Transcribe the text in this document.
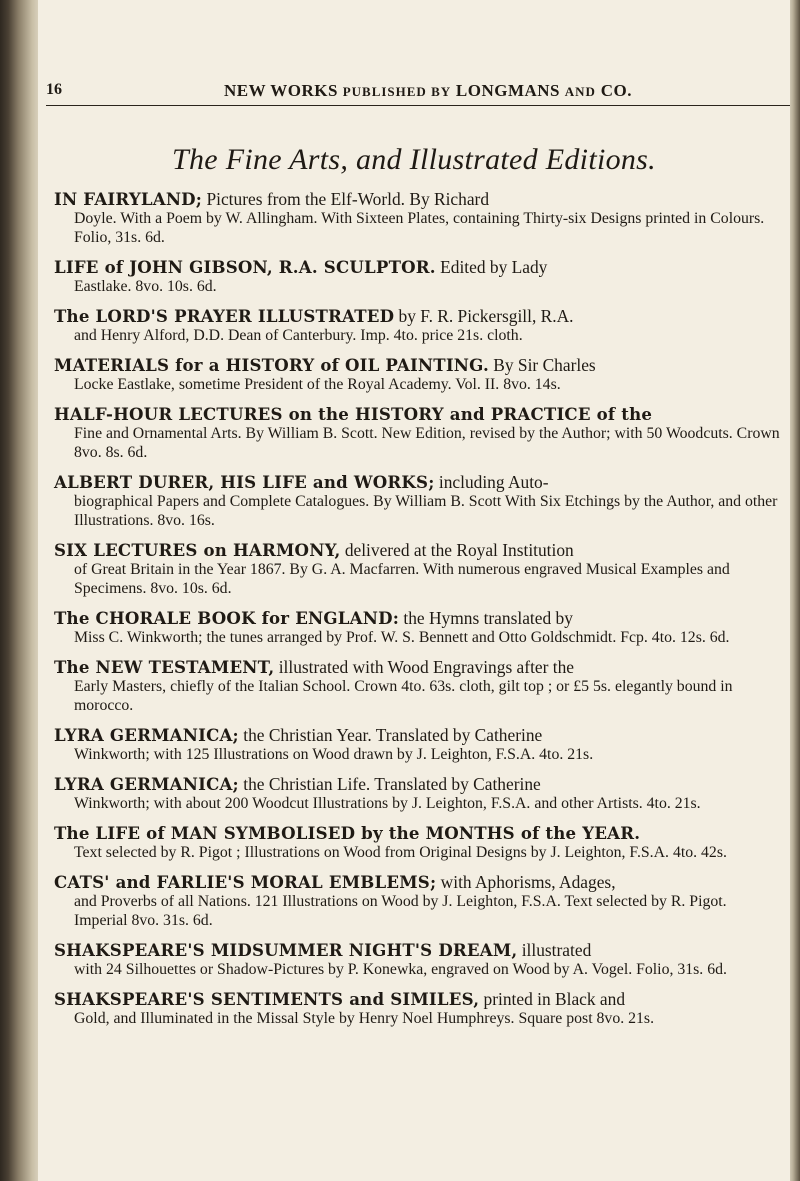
16	NEW WORKS PUBLISHED BY LONGMANS AND CO.
The Fine Arts, and Illustrated Editions.
IN FAIRYLAND; Pictures from the Elf-World. By Richard
Doyle. With a Poem by W. Allingham. With Sixteen Plates, containing Thirty-six Designs printed in Colours. Folio, 31s. 6d.
LIFE of JOHN GIBSON, R.A. SCULPTOR. Edited by Lady
Eastlake. 8vo. 10s. 6d.
The LORD'S PRAYER ILLUSTRATED by F. R. Pickersgill, R.A.
and Henry Alford, D.D. Dean of Canterbury. Imp. 4to. price 21s. cloth.
MATERIALS for a HISTORY of OIL PAINTING. By Sir Charles
Locke Eastlake, sometime President of the Royal Academy. Vol. II. 8vo. 14s.
HALF-HOUR LECTURES on the HISTORY and PRACTICE of the
Fine and Ornamental Arts. By William B. Scott. New Edition, revised by the Author; with 50 Woodcuts. Crown 8vo. 8s. 6d.
ALBERT DURER, HIS LIFE and WORKS; including Auto-
biographical Papers and Complete Catalogues. By William B. Scott With Six Etchings by the Author, and other Illustrations. 8vo. 16s.
SIX LECTURES on HARMONY, delivered at the Royal Institution
of Great Britain in the Year 1867. By G. A. Macfarren. With numerous engraved Musical Examples and Specimens. 8vo. 10s. 6d.
The CHORALE BOOK for ENGLAND: the Hymns translated by
Miss C. Winkworth; the tunes arranged by Prof. W. S. Bennett and Otto Goldschmidt. Fcp. 4to. 12s. 6d.
The NEW TESTAMENT, illustrated with Wood Engravings after the
Early Masters, chiefly of the Italian School. Crown 4to. 63s. cloth, gilt top ; or £5 5s. elegantly bound in morocco.
LYRA GERMANICA; the Christian Year. Translated by Catherine
Winkworth; with 125 Illustrations on Wood drawn by J. Leighton, F.S.A. 4to. 21s.
LYRA GERMANICA; the Christian Life. Translated by Catherine
Winkworth; with about 200 Woodcut Illustrations by J. Leighton, F.S.A. and other Artists. 4to. 21s.
The LIFE of MAN SYMBOLISED by the MONTHS of the YEAR.
Text selected by R. Pigot ; Illustrations on Wood from Original Designs by J. Leighton, F.S.A. 4to. 42s.
CATS' and FARLIE'S MORAL EMBLEMS; with Aphorisms, Adages,
and Proverbs of all Nations. 121 Illustrations on Wood by J. Leighton, F.S.A. Text selected by R. Pigot. Imperial 8vo. 31s. 6d.
SHAKSPEARE'S MIDSUMMER NIGHT'S DREAM, illustrated
with 24 Silhouettes or Shadow-Pictures by P. Konewka, engraved on Wood by A. Vogel. Folio, 31s. 6d.
SHAKSPEARE'S SENTIMENTS and SIMILES, printed in Black and
Gold, and Illuminated in the Missal Style by Henry Noel Humphreys. Square post 8vo. 21s.
